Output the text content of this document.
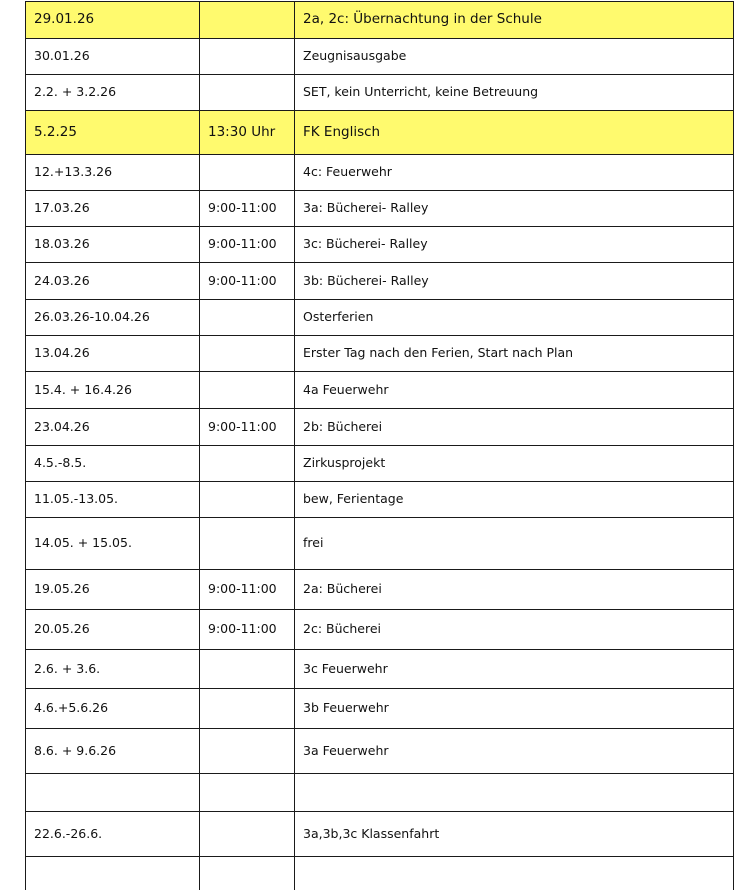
29.01.26		2a, 2c: Übernachtung in der Schule
30.01.26		Zeugnisausgabe
2.2. + 3.2.26		SET, kein Unterricht, keine Betreuung
5.2.25	13:30 Uhr	FK Englisch
12.+13.3.26		4c: Feuerwehr
17.03.26	9:00-11:00	3a: Bücherei- Ralley
18.03.26	9:00-11:00	3c: Bücherei- Ralley
24.03.26	9:00-11:00	3b: Bücherei- Ralley
26.03.26-10.04.26		Osterferien
13.04.26		Erster Tag nach den Ferien, Start nach Plan
15.4. + 16.4.26		4a Feuerwehr
23.04.26	9:00-11:00	2b: Bücherei
4.5.-8.5.		Zirkusprojekt
11.05.-13.05.		bew, Ferientage
14.05. + 15.05.		frei
19.05.26	9:00-11:00	2a: Bücherei
20.05.26	9:00-11:00	2c: Bücherei
2.6. + 3.6.		3c Feuerwehr
4.6.+5.6.26		3b Feuerwehr
8.6. + 9.6.26		3a Feuerwehr

22.6.-26.6.		3a,3b,3c Klassenfahrt
